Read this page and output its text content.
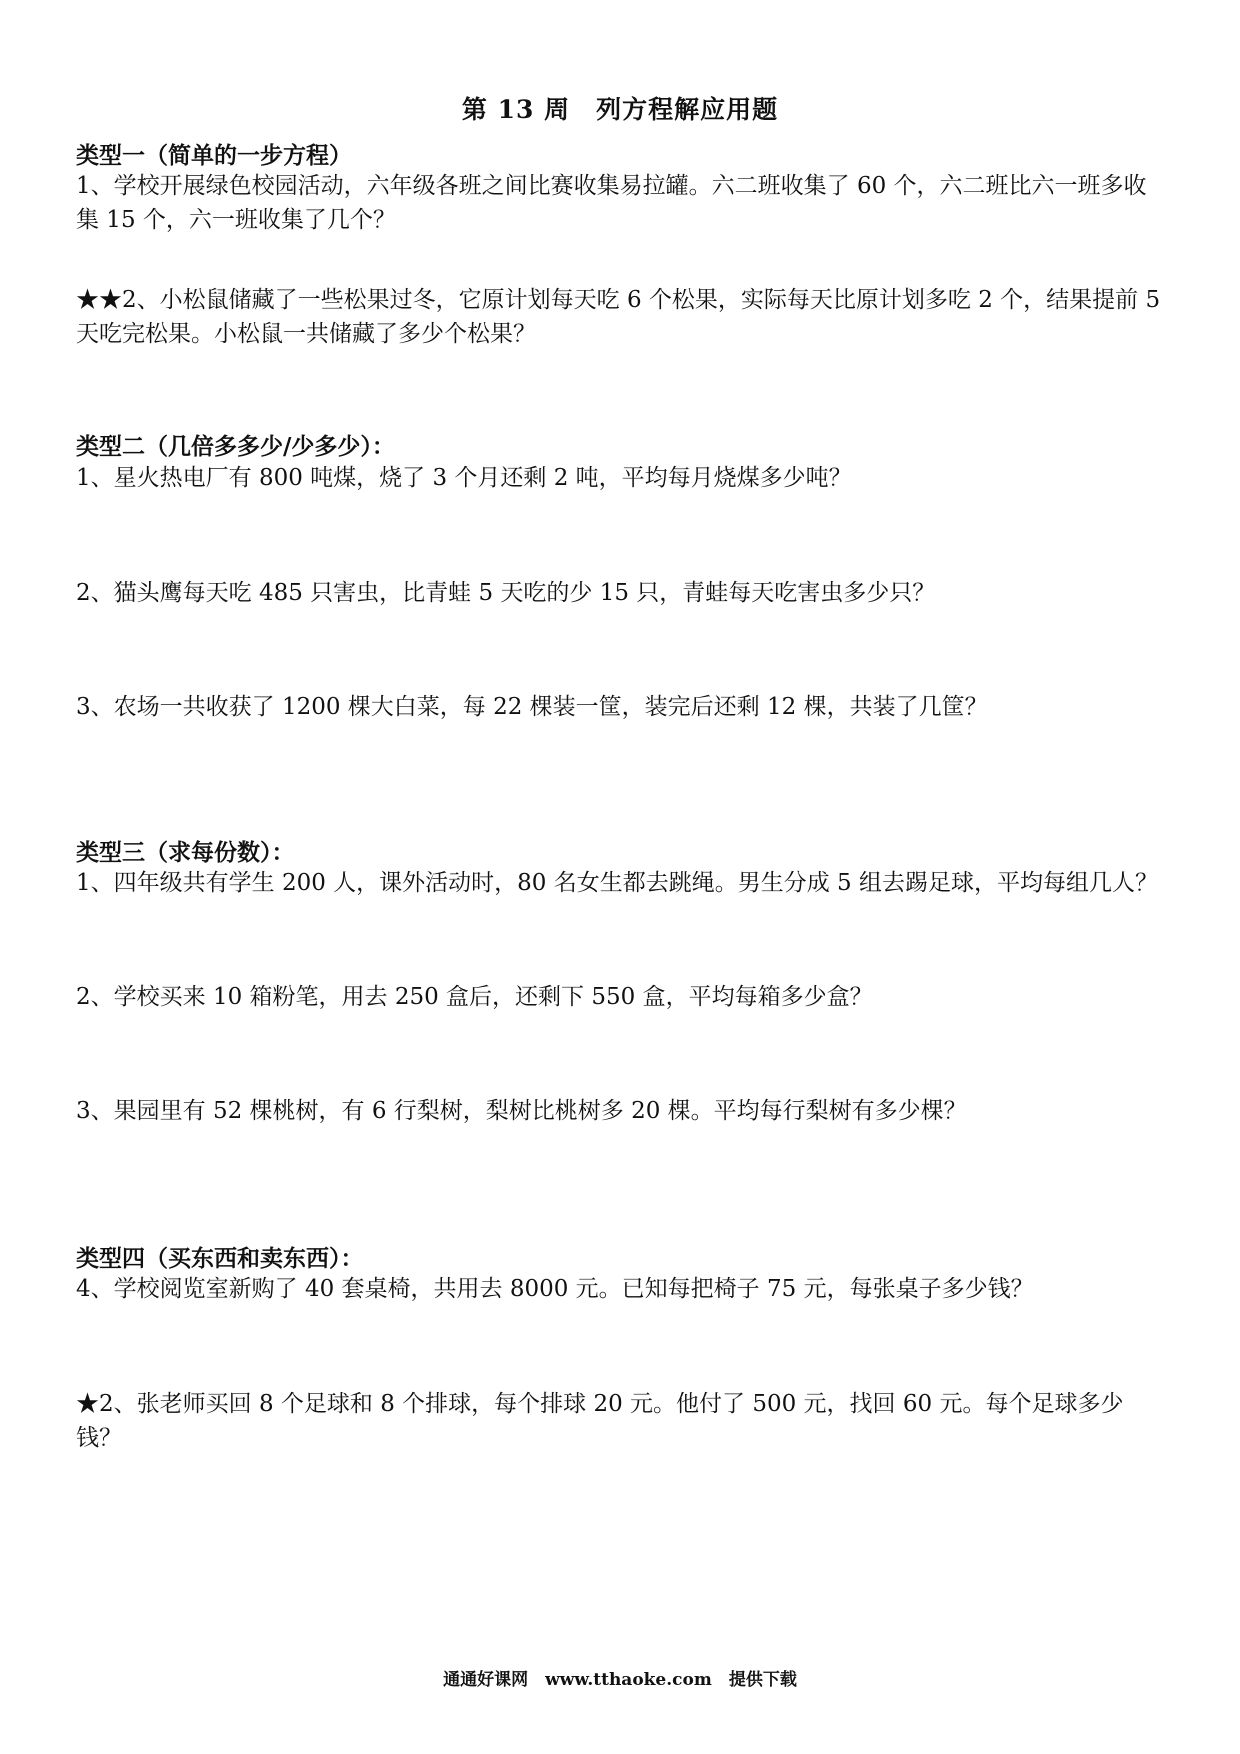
第 13 周　列方程解应用题
类型一（简单的一步方程）
1、学校开展绿色校园活动，六年级各班之间比赛收集易拉罐。六二班收集了 60 个，六二班比六一班多收集 15 个，六一班收集了几个？
★★2、小松鼠储藏了一些松果过冬，它原计划每天吃 6 个松果，实际每天比原计划多吃 2 个，结果提前 5 天吃完松果。小松鼠一共储藏了多少个松果？
类型二（几倍多多少/少多少）：
1、星火热电厂有 800 吨煤，烧了 3 个月还剩 2 吨，平均每月烧煤多少吨？
2、猫头鹰每天吃 485 只害虫，比青蛙 5 天吃的少 15 只，青蛙每天吃害虫多少只？
3、农场一共收获了 1200 棵大白菜，每 22 棵装一筐，装完后还剩 12 棵，共装了几筐？
类型三（求每份数）：
1、四年级共有学生 200 人，课外活动时，80 名女生都去跳绳。男生分成 5 组去踢足球，平均每组几人？
2、学校买来 10 箱粉笔，用去 250 盒后，还剩下 550 盒，平均每箱多少盒？
3、果园里有 52 棵桃树，有 6 行梨树，梨树比桃树多 20 棵。平均每行梨树有多少棵？
类型四（买东西和卖东西）：
4、学校阅览室新购了 40 套桌椅，共用去 8000 元。已知每把椅子 75 元，每张桌子多少钱？
★2、张老师买回 8 个足球和 8 个排球，每个排球 20 元。他付了 500 元，找回 60 元。每个足球多少钱？
通通好课网　www.tthaoke.com　提供下载
